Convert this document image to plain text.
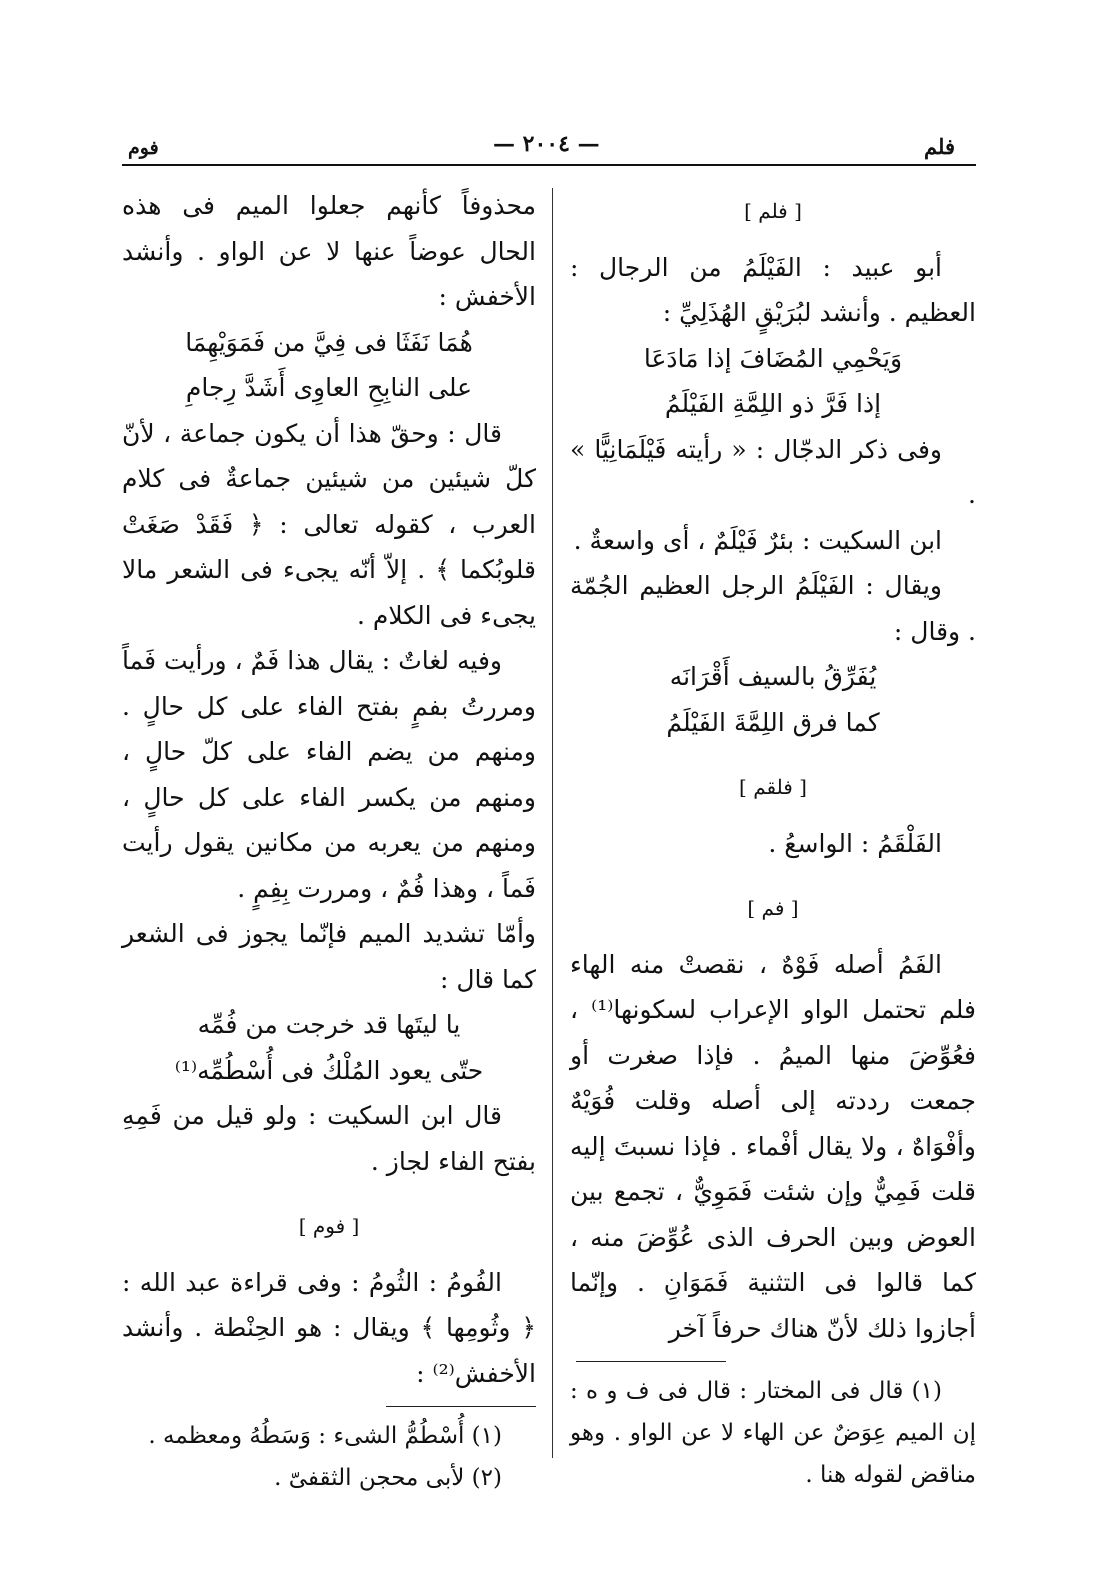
فلم
— ٢٠٠٤ —
فوم
[ فلم ]

أبو عبيد : الفَيْلَمُ من الرجال : العظيم . وأنشد لبُرَيْقٍ الهُذَلِيِّ :

وَيَحْمِي المُضَافَ إذا مَادَعَا

إذا فَرَّ ذو اللِمَّةِ الفَيْلَمُ

وفى ذكر الدجّال : « رأيته فَيْلَمَانِيًّا » .

ابن السكيت : بئرٌ فَيْلَمٌ ، أى واسعةٌ .

ويقال : الفَيْلَمُ الرجل العظيم الجُمّة . وقال :

يُفَرِّقُ بالسيف أَقْرَانَه

كما فرق اللِمَّةَ الفَيْلَمُ

[ فلقم ]

الفَلْقَمُ : الواسعُ .

[ فم ]

الفَمُ أصله فَوْهٌ ، نقصتْ منه الهاء فلم تحتمل الواو الإعراب لسكونها⁽¹⁾ ، فعُوِّضَ منها الميمُ . فإذا صغرت أو جمعت رددته إلى أصله وقلت فُوَيْهٌ وأفْوَاهٌ ، ولا يقال أفْماء . فإذا نسبتَ إليه قلت فَمِيٌّ وإن شئت فَمَوِيٌّ ، تجمع بين العوض وبين الحرف الذى عُوِّضَ منه ، كما قالوا فى التثنية فَمَوَانِ . وإنّما أجازوا ذلك لأنّ هناك حرفاً آخر

(١) قال فى المختار : قال فى ف و ه : إن الميم عِوَضٌ عن الهاء لا عن الواو . وهو مناقض لقوله هنا .

محذوفاً كأنهم جعلوا الميم فى هذه الحال عوضاً عنها لا عن الواو . وأنشد الأخفش :

هُمَا نَفَثَا فى فِيَّ من فَمَوَيْهِمَا

على النابِحِ العاوِى أَشَدَّ رِجامِ

قال : وحقّ هذا أن يكون جماعة ، لأنّ كلّ شيئين من شيئين جماعةٌ فى كلام العرب ، كقوله تعالى : ﴿ فَقَدْ صَغَتْ قلوبُكما ﴾ . إلاّ أنّه يجىء فى الشعر مالا يجىء فى الكلام .

وفيه لغاتٌ : يقال هذا فَمٌ ، ورأيت فَماً ومررتُ بفمٍ بفتح الفاء على كل حالٍ . ومنهم من يضم الفاء على كلّ حالٍ ، ومنهم من يكسر الفاء على كل حالٍ ، ومنهم من يعربه من مكانين يقول رأيت فَماً ، وهذا فُمٌ ، ومررت بِفِمٍ .

وأمّا تشديد الميم فإنّما يجوز فى الشعر كما قال :

يا ليتَها قد خرجت من فُمِّه

حتّى يعود المُلْكُ فى أُسْطُمِّه⁽¹⁾

قال ابن السكيت : ولو قيل من فَمِهِ بفتح الفاء لجاز .

[ فوم ]

الفُومُ : الثُومُ : وفى قراءة عبد الله : ﴿ وثُومِها ﴾ ويقال : هو الحِنْطة . وأنشد الأخفش⁽²⁾ :

(١) أُسْطُمُّ الشىء : وَسَطُهُ ومعظمه .

(٢) لأبى محجن الثقفىّ .
